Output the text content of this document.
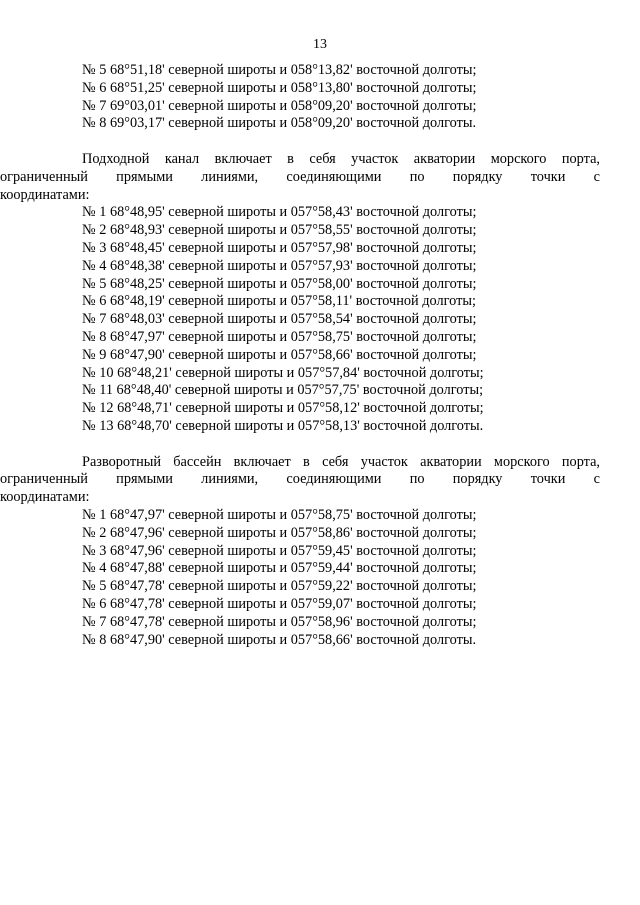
13
№ 5 68°51,18' северной широты и 058°13,82' восточной долготы;
№ 6 68°51,25' северной широты и 058°13,80' восточной долготы;
№ 7 69°03,01' северной широты и 058°09,20' восточной долготы;
№ 8 69°03,17' северной широты и 058°09,20' восточной долготы.
Подходной канал включает в себя участок акватории морского порта,
ограниченный прямыми линиями, соединяющими по порядку точки с
координатами:
№ 1 68°48,95' северной широты и 057°58,43' восточной долготы;
№ 2 68°48,93' северной широты и 057°58,55' восточной долготы;
№ 3 68°48,45' северной широты и 057°57,98' восточной долготы;
№ 4 68°48,38' северной широты и 057°57,93' восточной долготы;
№ 5 68°48,25' северной широты и 057°58,00' восточной долготы;
№ 6 68°48,19' северной широты и 057°58,11' восточной долготы;
№ 7 68°48,03' северной широты и 057°58,54' восточной долготы;
№ 8 68°47,97' северной широты и 057°58,75' восточной долготы;
№ 9 68°47,90' северной широты и 057°58,66' восточной долготы;
№ 10 68°48,21' северной широты и 057°57,84' восточной долготы;
№ 11 68°48,40' северной широты и 057°57,75' восточной долготы;
№ 12 68°48,71' северной широты и 057°58,12' восточной долготы;
№ 13 68°48,70' северной широты и 057°58,13' восточной долготы.
Разворотный бассейн включает в себя участок акватории морского порта,
ограниченный прямыми линиями, соединяющими по порядку точки с
координатами:
№ 1 68°47,97' северной широты и 057°58,75' восточной долготы;
№ 2 68°47,96' северной широты и 057°58,86' восточной долготы;
№ 3 68°47,96' северной широты и 057°59,45' восточной долготы;
№ 4 68°47,88' северной широты и 057°59,44' восточной долготы;
№ 5 68°47,78' северной широты и 057°59,22' восточной долготы;
№ 6 68°47,78' северной широты и 057°59,07' восточной долготы;
№ 7 68°47,78' северной широты и 057°58,96' восточной долготы;
№ 8 68°47,90' северной широты и 057°58,66' восточной долготы.
